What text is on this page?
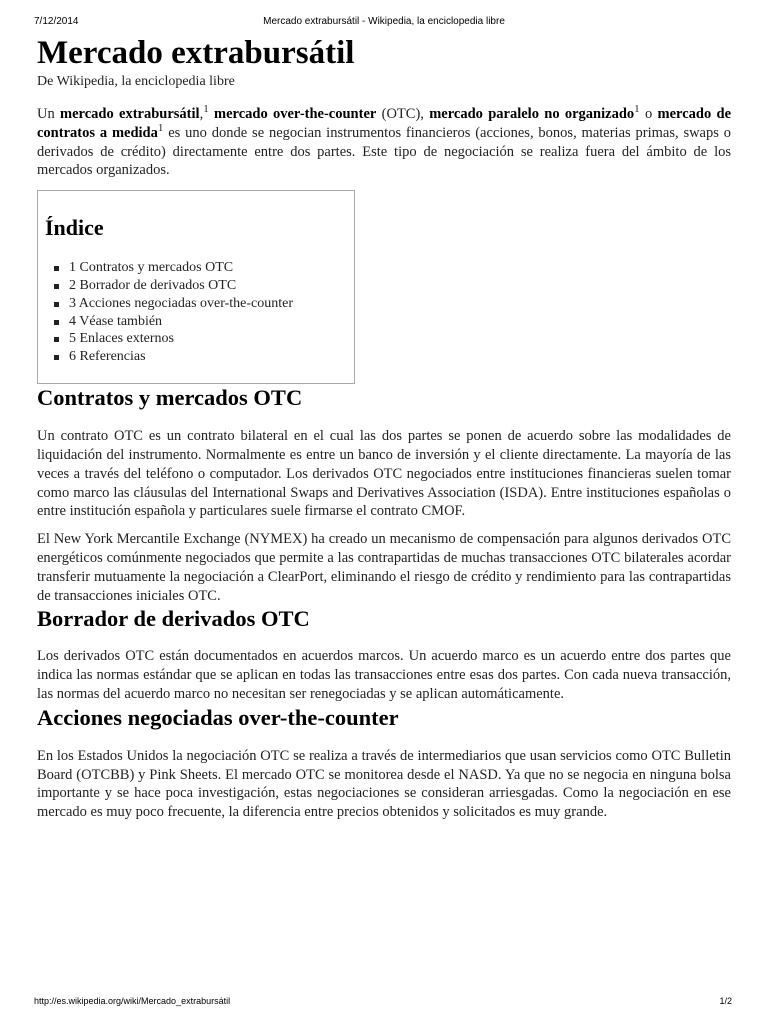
7/12/2014	Mercado extrabursátil - Wikipedia, la enciclopedia libre
Mercado extrabursátil
De Wikipedia, la enciclopedia libre

Un mercado extrabursátil,$^1$ mercado over-the-counter (OTC), mercado paralelo no organizado$^1$ o mercado de contratos a medida$^1$ es uno donde se negocian instrumentos financieros (acciones, bonos, materias primas, swaps o derivados de crédito) directamente entre dos partes. Este tipo de negociación se realiza fuera del ámbito de los mercados organizados.

Índice
1 Contratos y mercados OTC
2 Borrador de derivados OTC
3 Acciones negociadas over-the-counter
4 Véase también
5 Enlaces externos
6 Referencias
Contratos y mercados OTC

Un contrato OTC es un contrato bilateral en el cual las dos partes se ponen de acuerdo sobre las modalidades de liquidación del instrumento. Normalmente es entre un banco de inversión y el cliente directamente. La mayoría de las veces a través del teléfono o computador. Los derivados OTC negociados entre instituciones financieras suelen tomar como marco las cláusulas del International Swaps and Derivatives Association (ISDA). Entre instituciones españolas o entre institución española y particulares suele firmarse el contrato CMOF.

El New York Mercantile Exchange (NYMEX) ha creado un mecanismo de compensación para algunos derivados OTC energéticos comúnmente negociados que permite a las contrapartidas de muchas transacciones OTC bilaterales acordar transferir mutuamente la negociación a ClearPort, eliminando el riesgo de crédito y rendimiento para las contrapartidas de transacciones iniciales OTC.

Borrador de derivados OTC

Los derivados OTC están documentados en acuerdos marcos. Un acuerdo marco es un acuerdo entre dos partes que indica las normas estándar que se aplican en todas las transacciones entre esas dos partes. Con cada nueva transacción, las normas del acuerdo marco no necesitan ser renegociadas y se aplican automáticamente.

Acciones negociadas over-the-counter

En los Estados Unidos la negociación OTC se realiza a través de intermediarios que usan servicios como OTC Bulletin Board (OTCBB) y Pink Sheets. El mercado OTC se monitorea desde el NASD. Ya que no se negocia en ninguna bolsa importante y se hace poca investigación, estas negociaciones se consideran arriesgadas. Como la negociación en ese mercado es muy poco frecuente, la diferencia entre precios obtenidos y solicitados es muy grande.

http://es.wikipedia.org/wiki/Mercado_extrabursátil	1/2
